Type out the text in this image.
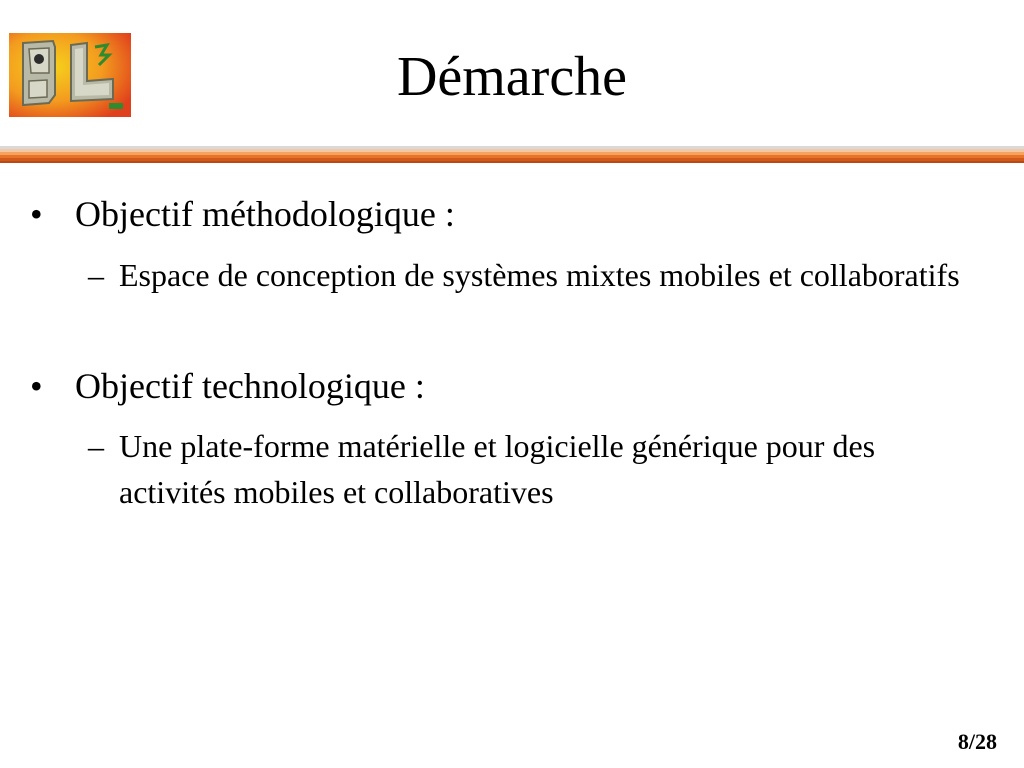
Démarche
• Objectif méthodologique :
– Espace de conception de systèmes mixtes mobiles et collaboratifs
• Objectif technologique :
– Une plate-forme matérielle et logicielle générique pour des activités mobiles et collaboratives
8/28
